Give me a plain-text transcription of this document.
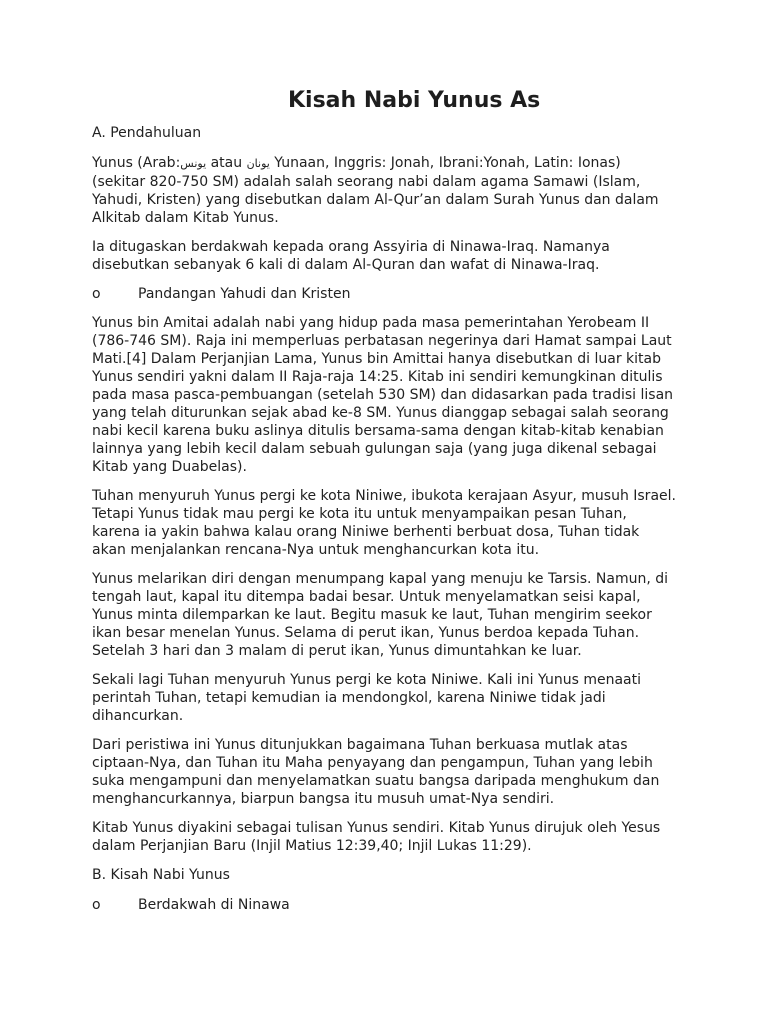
Kisah Nabi Yunus As

A. Pendahuluan

Yunus (Arab:يونس atau يونان Yunaan, Inggris: Jonah, Ibrani:Yonah, Latin: Ionas) (sekitar 820-750 SM) adalah salah seorang nabi dalam agama Samawi (Islam, Yahudi, Kristen) yang disebutkan dalam Al-Qur’an dalam Surah Yunus dan dalam Alkitab dalam Kitab Yunus.

Ia ditugaskan berdakwah kepada orang Assyiria di Ninawa-Iraq. Namanya disebutkan sebanyak 6 kali di dalam Al-Quran dan wafat di Ninawa-Iraq.

o	Pandangan Yahudi dan Kristen

Yunus bin Amitai adalah nabi yang hidup pada masa pemerintahan Yerobeam II (786-746 SM). Raja ini memperluas perbatasan negerinya dari Hamat sampai Laut Mati.[4] Dalam Perjanjian Lama, Yunus bin Amittai hanya disebutkan di luar kitab Yunus sendiri yakni dalam II Raja-raja 14:25. Kitab ini sendiri kemungkinan ditulis pada masa pasca-pembuangan (setelah 530 SM) dan didasarkan pada tradisi lisan yang telah diturunkan sejak abad ke-8 SM. Yunus dianggap sebagai salah seorang nabi kecil karena buku aslinya ditulis bersama-sama dengan kitab-kitab kenabian lainnya yang lebih kecil dalam sebuah gulungan saja (yang juga dikenal sebagai Kitab yang Duabelas).

Tuhan menyuruh Yunus pergi ke kota Niniwe, ibukota kerajaan Asyur, musuh Israel. Tetapi Yunus tidak mau pergi ke kota itu untuk menyampaikan pesan Tuhan, karena ia yakin bahwa kalau orang Niniwe berhenti berbuat dosa, Tuhan tidak akan menjalankan rencana-Nya untuk menghancurkan kota itu.

Yunus melarikan diri dengan menumpang kapal yang menuju ke Tarsis. Namun, di tengah laut, kapal itu ditempa badai besar. Untuk menyelamatkan seisi kapal, Yunus minta dilemparkan ke laut. Begitu masuk ke laut, Tuhan mengirim seekor ikan besar menelan Yunus. Selama di perut ikan, Yunus berdoa kepada Tuhan. Setelah 3 hari dan 3 malam di perut ikan, Yunus dimuntahkan ke luar.

Sekali lagi Tuhan menyuruh Yunus pergi ke kota Niniwe. Kali ini Yunus menaati perintah Tuhan, tetapi kemudian ia mendongkol, karena Niniwe tidak jadi dihancurkan.

Dari peristiwa ini Yunus ditunjukkan bagaimana Tuhan berkuasa mutlak atas ciptaan-Nya, dan Tuhan itu Maha penyayang dan pengampun, Tuhan yang lebih suka mengampuni dan menyelamatkan suatu bangsa daripada menghukum dan menghancurkannya, biarpun bangsa itu musuh umat-Nya sendiri.

Kitab Yunus diyakini sebagai tulisan Yunus sendiri. Kitab Yunus dirujuk oleh Yesus dalam Perjanjian Baru (Injil Matius 12:39,40; Injil Lukas 11:29).

B. Kisah Nabi Yunus

o	Berdakwah di Ninawa
